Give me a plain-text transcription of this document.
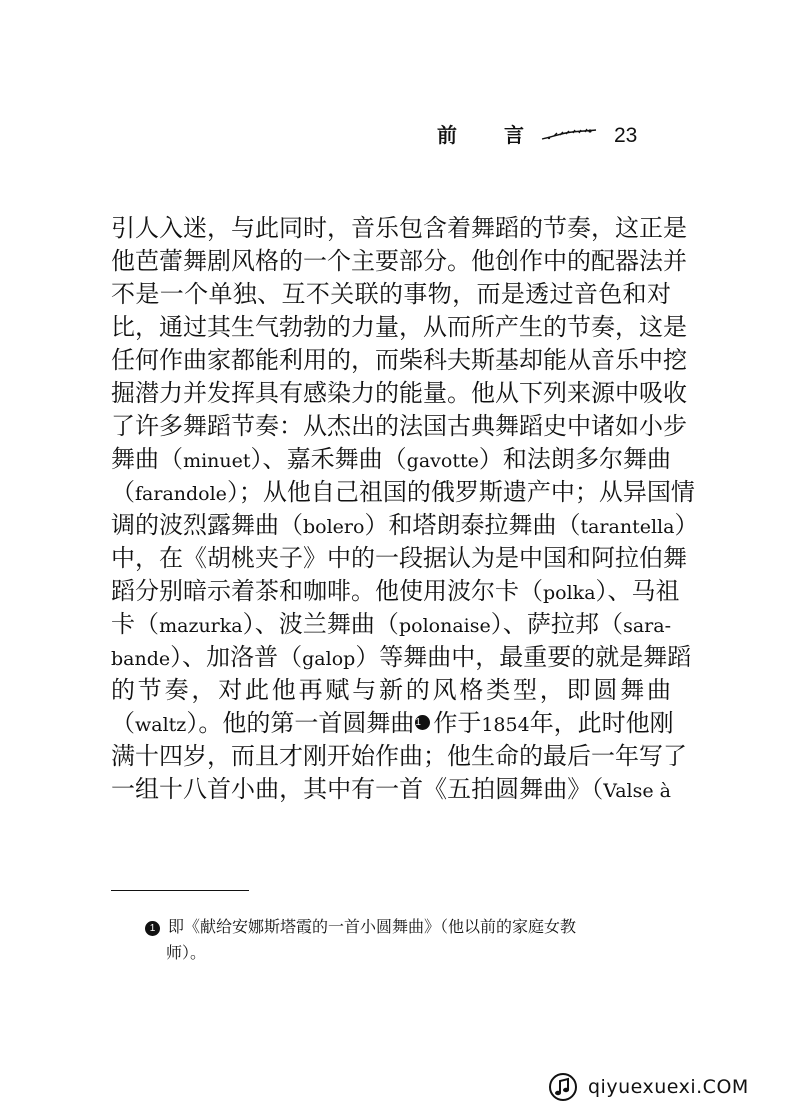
前 言	23
引人入迷，与此同时，音乐包含着舞蹈的节奏，这正是
他芭蕾舞剧风格的一个主要部分。他创作中的配器法并
不是一个单独、互不关联的事物，而是透过音色和对
比，通过其生气勃勃的力量，从而所产生的节奏，这是
任何作曲家都能利用的，而柴科夫斯基却能从音乐中挖
掘潜力并发挥具有感染力的能量。他从下列来源中吸收
了许多舞蹈节奏：从杰出的法国古典舞蹈史中诸如小步
舞曲（minuet）、嘉禾舞曲（gavotte）和法朗多尔舞曲
（farandole）；从他自己祖国的俄罗斯遗产中；从异国情
调的波烈露舞曲（bolero）和塔朗泰拉舞曲（tarantella）
中，在《胡桃夹子》中的一段据认为是中国和阿拉伯舞
蹈分别暗示着茶和咖啡。他使用波尔卡（polka）、马祖
卡（mazurka）、波兰舞曲（polonaise）、萨拉邦（sara-
bande）、加洛普（galop）等舞曲中，最重要的就是舞蹈
的节奏，对此他再赋与新的风格类型，即圆舞曲
（waltz）。他的第一首圆舞曲1 作于1854年，此时他刚
满十四岁，而且才刚开始作曲；他生命的最后一年写了
一组十八首小曲，其中有一首《五拍圆舞曲》（Valse à
1 即《献给安娜斯塔霞的一首小圆舞曲》（他以前的家庭女教
师）。
qiyuexuexi.COM
